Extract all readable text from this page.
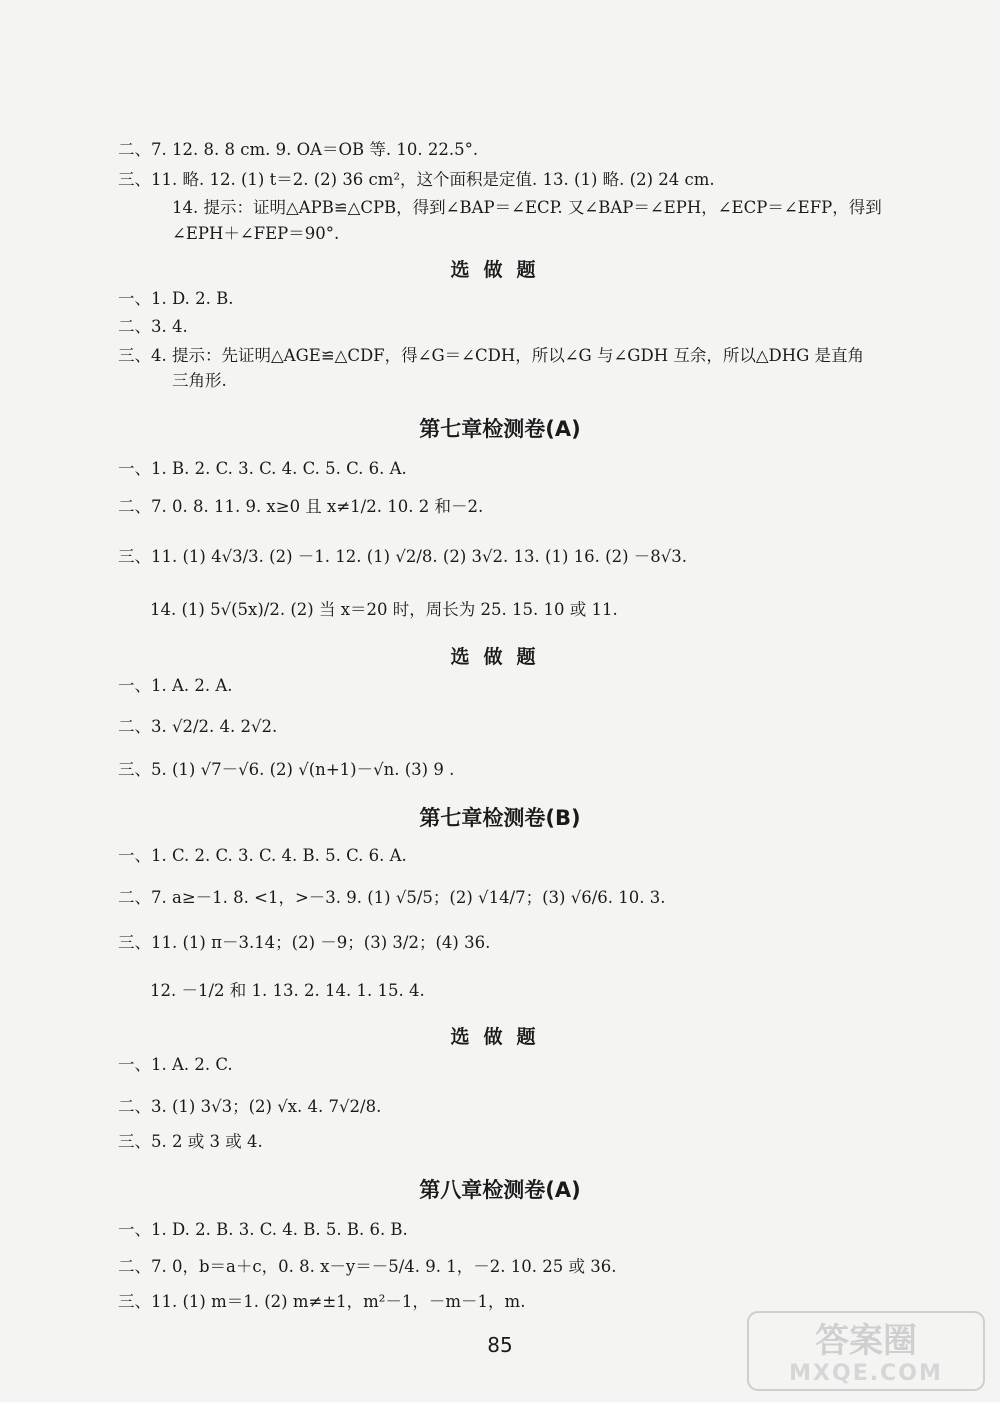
二、7. 12. 8. 8 cm. 9. OA＝OB 等. 10. 22.5°.
三、11. 略. 12. (1) t＝2. (2) 36 cm²，这个面积是定值. 13. (1) 略. (2) 24 cm.
14. 提示：证明△APB≌△CPB，得到∠BAP＝∠ECP. 又∠BAP＝∠EPH，∠ECP＝∠EFP，得到
∠EPH＋∠FEP＝90°.
选做题
一、1. D. 2. B.
二、3. 4.
三、4. 提示：先证明△AGE≌△CDF，得∠G＝∠CDH，所以∠G 与∠GDH 互余，所以△DHG 是直角
三角形.
第七章检测卷(A)
一、1. B. 2. C. 3. C. 4. C. 5. C. 6. A.
二、7. 0. 8. 11. 9. x≥0 且 x≠1/2. 10. 2 和－2.
三、11. (1) 4√3/3. (2) －1. 12. (1) √2/8. (2) 3√2. 13. (1) 16. (2) －8√3.
14. (1) 5√(5x)/2. (2) 当 x＝20 时，周长为 25. 15. 10 或 11.
选做题
一、1. A. 2. A.
二、3. √2/2. 4. 2√2.
三、5. (1) √7－√6. (2) √(n+1)－√n. (3) 9 .
第七章检测卷(B)
一、1. C. 2. C. 3. C. 4. B. 5. C. 6. A.
二、7. a≥－1. 8. <1，>－3. 9. (1) √5/5；(2) √14/7；(3) √6/6. 10. 3.
三、11. (1) π－3.14；(2) －9；(3) 3/2；(4) 36.
12. －1/2 和 1. 13. 2. 14. 1. 15. 4.
选做题
一、1. A. 2. C.
二、3. (1) 3√3；(2) √x. 4. 7√2/8.
三、5. 2 或 3 或 4.
第八章检测卷(A)
一、1. D. 2. B. 3. C. 4. B. 5. B. 6. B.
二、7. 0，b＝a＋c，0. 8. x－y＝－5/4. 9. 1，－2. 10. 25 或 36.
三、11. (1) m＝1. (2) m≠±1，m²－1，－m－1，m.
85	答案圈
MXQE.COM
